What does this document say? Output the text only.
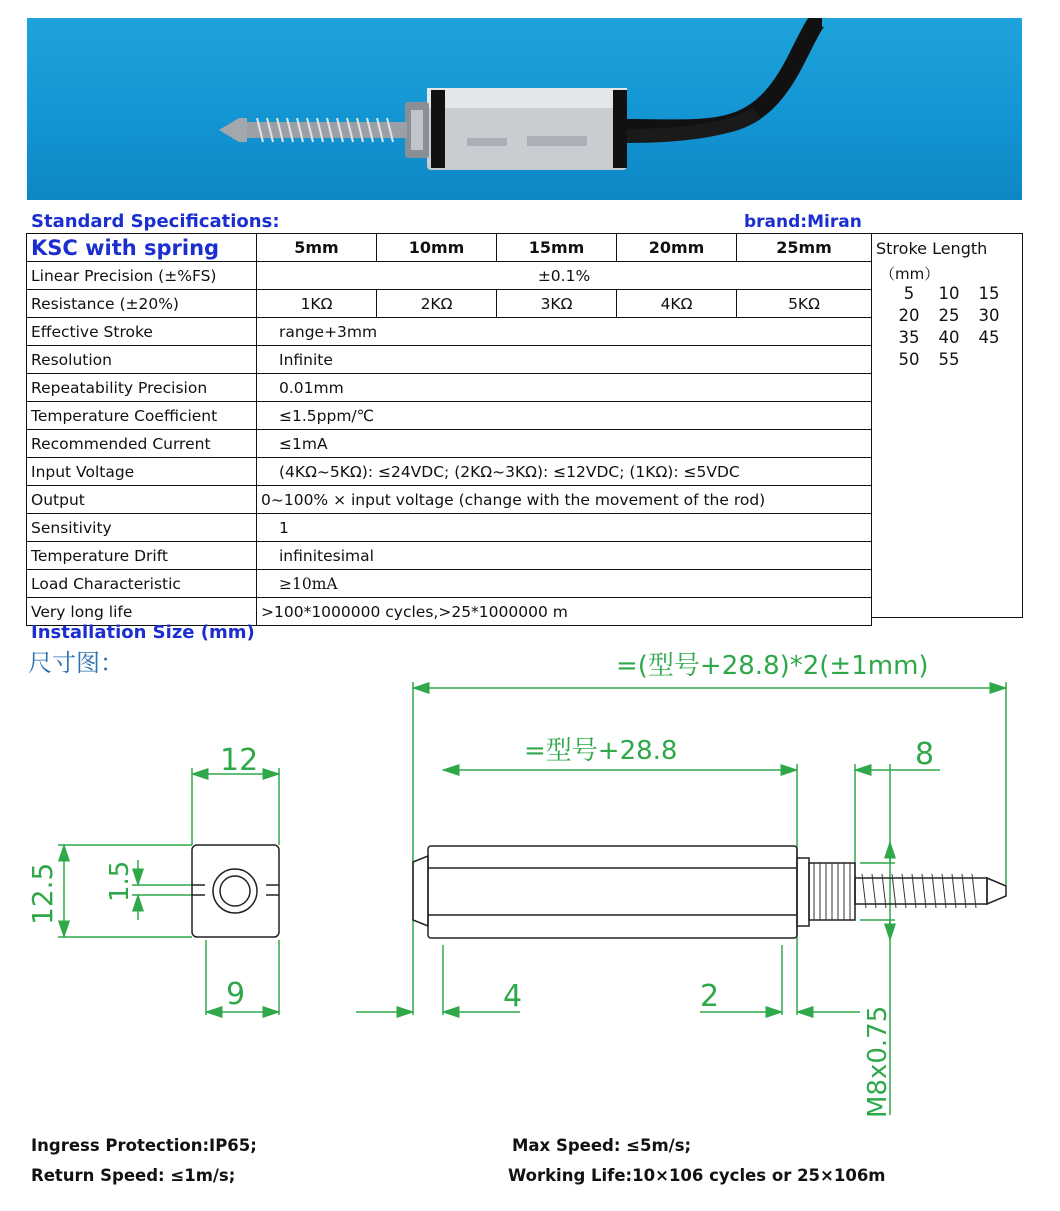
Standard Specifications:	brand:Miran
KSC with spring	5mm	10mm	15mm	20mm	25mm
Linear Precision (±%FS)	±0.1%				
Resistance (±20%)	1KΩ	2KΩ	3KΩ	4KΩ	5KΩ
Effective Stroke	range+3mm				
Resolution	Infinite				
Repeatability Precision	0.01mm				
Temperature Coefficient	≤1.5ppm/℃				
Recommended Current	≤1mA				
Input Voltage	(4KΩ~5KΩ): ≤24VDC; (2KΩ~3KΩ): ≤12VDC; (1KΩ): ≤5VDC				
Output	0~100% × input voltage (change with the movement of the rod)				
Sensitivity	1				
Temperature Drift	infinitesimal				
Load Characteristic	≥10mA				
Very long life	>100*1000000 cycles,>25*1000000 m				
Stroke Length
（mm）
5	10	15
20	25	30
35	40	45
50	55
Installation Size (mm)
尺寸图：	=(型号+28.8)*2(±1mm)
=型号+28.8	8
12
9	4	2
12.5 1.5
M8x0.75
Ingress Protection:IP65;	Max Speed: ≤5m/s;
Return Speed: ≤1m/s;	Working Life:10×106 cycles or 25×106m
